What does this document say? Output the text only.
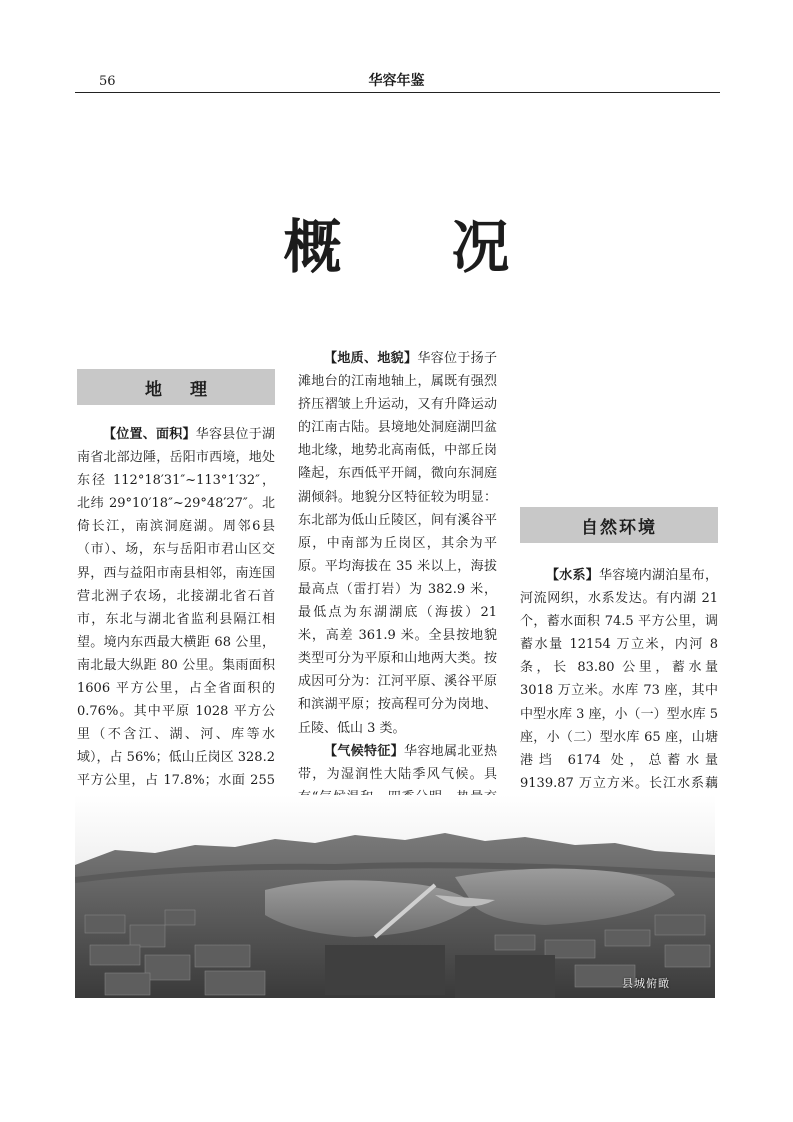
56	华容年鉴
概况
地理

【位置、面积】华容县位于湖南省北部边陲，岳阳市西境，地处东径 112°18′31″~113°1′32″，北纬 29°10′18″~29°48′27″。北倚长江，南滨洞庭湖。周邻6县（市）、场，东与岳阳市君山区交界，西与益阳市南县相邻，南连国营北洲子农场，北接湖北省石首市，东北与湖北省监利县隔江相望。境内东西最大横距 68 公里，南北最大纵距 80 公里。集雨面积 1606 平方公里，占全省面积的 0.76%。其中平原 1028 平方公里（不含江、湖、河、库等水域），占 56%；低山丘岗区 328.2 平方公里，占 17.8%；水面 255

【地质、地貌】华容位于扬子滩地台的江南地轴上，属既有强烈挤压褶皱上升运动，又有升降运动的江南古陆。县境地处洞庭湖凹盆地北缘，地势北高南低，中部丘岗隆起，东西低平开阔，微向东洞庭湖倾斜。地貌分区特征较为明显：东北部为低山丘陵区，间有溪谷平原，中南部为丘岗区，其余为平原。平均海拔在 35 米以上，海拔最高点（雷打岩）为 382.9 米，最低点为东湖湖底（海拔）21 米，高差 361.9 米。全县按地貌类型可分为平原和山地两大类。按成因可分为：江河平原、溪谷平原和滨湖平原；按高程可分为岗地、丘陵、低山 3 类。

【气候特征】华容地属北亚热带，为湿润性大陆季风气候。具

自然环境

【水系】华容境内湖泊星布，河流网织，水系发达。有内湖 21 个，蓄水面积 74.5 平方公里，调蓄水量 12154 万立米，内河 8 条，长 83.80 公里，蓄水量 3018 万立米。水库 73 座，其中中型水库 3 座，小（一）型水库 5 座，小（二）型水库 65 座，山塘港垱 6174 处，总蓄水量 9139.87 万立方米。长江水系藕

县城俯瞰
